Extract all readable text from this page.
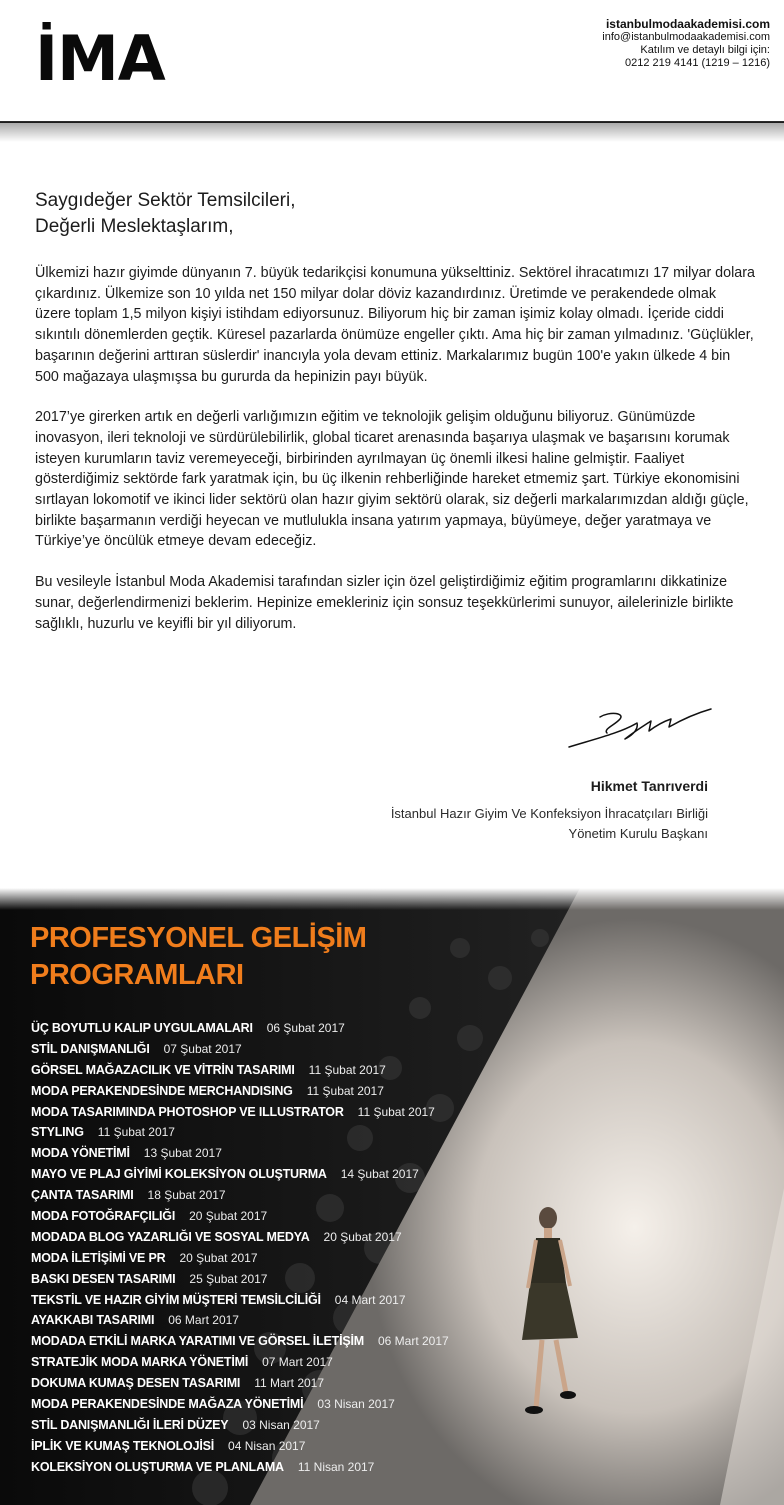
İMA	istanbulmodaakademisi.com
info@istanbulmodaakademisi.com
Katılım ve detaylı bilgi için:
0212 219 4141 (1219 – 1216)
Saygıdeğer Sektör Temsilcileri,
Değerli Meslektaşlarım,

Ülkemizi hazır giyimde dünyanın 7. büyük tedarikçisi konumuna yükselttiniz. Sektörel ihracatımızı 17 milyar dolara çıkardınız. Ülkemize son 10 yılda net 150 milyar dolar döviz kazandırdınız. Üretimde ve perakendede olmak üzere toplam 1,5 milyon kişiyi istihdam ediyorsunuz. Biliyorum hiç bir zaman işimiz kolay olmadı. İçeride ciddi sıkıntılı dönemlerden geçtik. Küresel pazarlarda önümüze engeller çıktı. Ama hiç bir zaman yılmadınız. 'Güçlükler, başarının değerini arttıran süslerdir' inancıyla yola devam ettiniz. Markalarımız bugün 100'e yakın ülkede 4 bin 500 mağazaya ulaşmışsa bu gururda da hepinizin payı büyük.

2017’ye girerken artık en değerli varlığımızın eğitim ve teknolojik gelişim olduğunu biliyoruz. Günümüzde inovasyon, ileri teknoloji ve sürdürülebilirlik, global ticaret arenasında başarıya ulaşmak ve başarısını korumak isteyen kurumların taviz veremeyeceği, birbirinden ayrılmayan üç önemli ilkesi haline gelmiştir. Faaliyet gösterdiğimiz sektörde fark yaratmak için, bu üç ilkenin rehberliğinde hareket etmemiz şart. Türkiye ekonomisini sırtlayan lokomotif ve ikinci lider sektörü olan hazır giyim sektörü olarak, siz değerli markalarımızdan aldığı güçle, birlikte başarmanın verdiği heyecan ve mutlulukla insana yatırım yapmaya, büyümeye, değer yaratmaya ve Türkiye’ye öncülük etmeye devam edeceğiz.

Bu vesileyle İstanbul Moda Akademisi tarafından sizler için özel geliştirdiğimiz eğitim programlarını dikkatinize sunar, değerlendirmenizi beklerim. Hepinize emekleriniz için sonsuz teşekkürlerimi sunuyor, ailelerinizle birlikte sağlıklı, huzurlu ve keyifli bir yıl diliyorum.

Hikmet Tanrıverdi
İstanbul Hazır Giyim Ve Konfeksiyon İhracatçıları Birliği
Yönetim Kurulu Başkanı
PROFESYONEL GELİŞİM
PROGRAMLARI
ÜÇ BOYUTLU KALIP UYGULAMALARI 06 Şubat 2017
STİL DANIŞMANLIĞI 07 Şubat 2017
GÖRSEL MAĞAZACILIK VE VİTRİN TASARIMI 11 Şubat 2017
MODA PERAKENDESİNDE MERCHANDISING 11 Şubat 2017
MODA TASARIMINDA PHOTOSHOP VE ILLUSTRATOR 11 Şubat 2017
STYLING 11 Şubat 2017
MODA YÖNETİMİ 13 Şubat 2017
MAYO VE PLAJ GİYİMİ KOLEKSİYON OLUŞTURMA 14 Şubat 2017
ÇANTA TASARIMI 18 Şubat 2017
MODA FOTOĞRAFÇILIĞI 20 Şubat 2017
MODADA BLOG YAZARLIĞI VE SOSYAL MEDYA 20 Şubat 2017
MODA İLETİŞİMİ VE PR 20 Şubat 2017
BASKI DESEN TASARIMI 25 Şubat 2017
TEKSTİL VE HAZIR GİYİM MÜŞTERİ TEMSİLCİLİĞİ 04 Mart 2017
AYAKKABI TASARIMI 06 Mart 2017
MODADA ETKİLİ MARKA YARATIMI VE GÖRSEL İLETİŞİM 06 Mart 2017
STRATEJİK MODA MARKA YÖNETİMİ 07 Mart 2017
DOKUMA KUMAŞ DESEN TASARIMI 11 Mart 2017
MODA PERAKENDESİNDE MAĞAZA YÖNETİMİ 03 Nisan 2017
STİL DANIŞMANLIĞI İLERİ DÜZEY 03 Nisan 2017
İPLİK VE KUMAŞ TEKNOLOJİSİ 04 Nisan 2017
KOLEKSİYON OLUŞTURMA VE PLANLAMA 11 Nisan 2017
